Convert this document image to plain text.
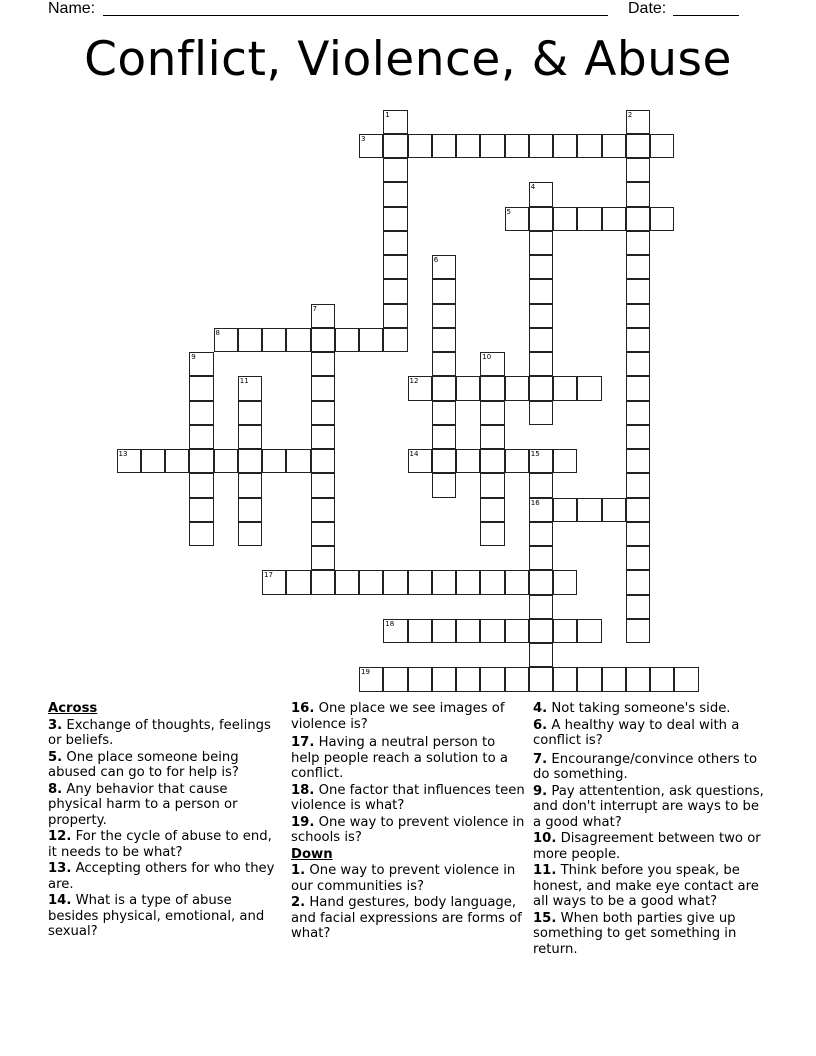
Name:	Date:
Conflict, Violence, & Abuse
1	2
3
4
5
6
7
8
9	10
11	12
13	14	15
16
17
18
19
Across
3. Exchange of thoughts, feelings or beliefs.
5. One place someone being abused can go to for help is?
8. Any behavior that cause physical harm to a person or property.
12. For the cycle of abuse to end, it needs to be what?
13. Accepting others for who they are.
14. What is a type of abuse besides physical, emotional, and sexual?
16. One place we see images of violence is?
17. Having a neutral person to help people reach a solution to a conflict.
18. One factor that influences teen violence is what?
19. One way to prevent violence in schools is?
Down
1. One way to prevent violence in our communities is?
2. Hand gestures, body language, and facial expressions are forms of what?
4. Not taking someone's side.
6. A healthy way to deal with a conflict is?
7. Encourange/convince others to do something.
9. Pay attentention, ask questions, and don't interrupt are ways to be a good what?
10. Disagreement between two or more people.
11. Think before you speak, be honest, and make eye contact are all ways to be a good what?
15. When both parties give up something to get something in return.
